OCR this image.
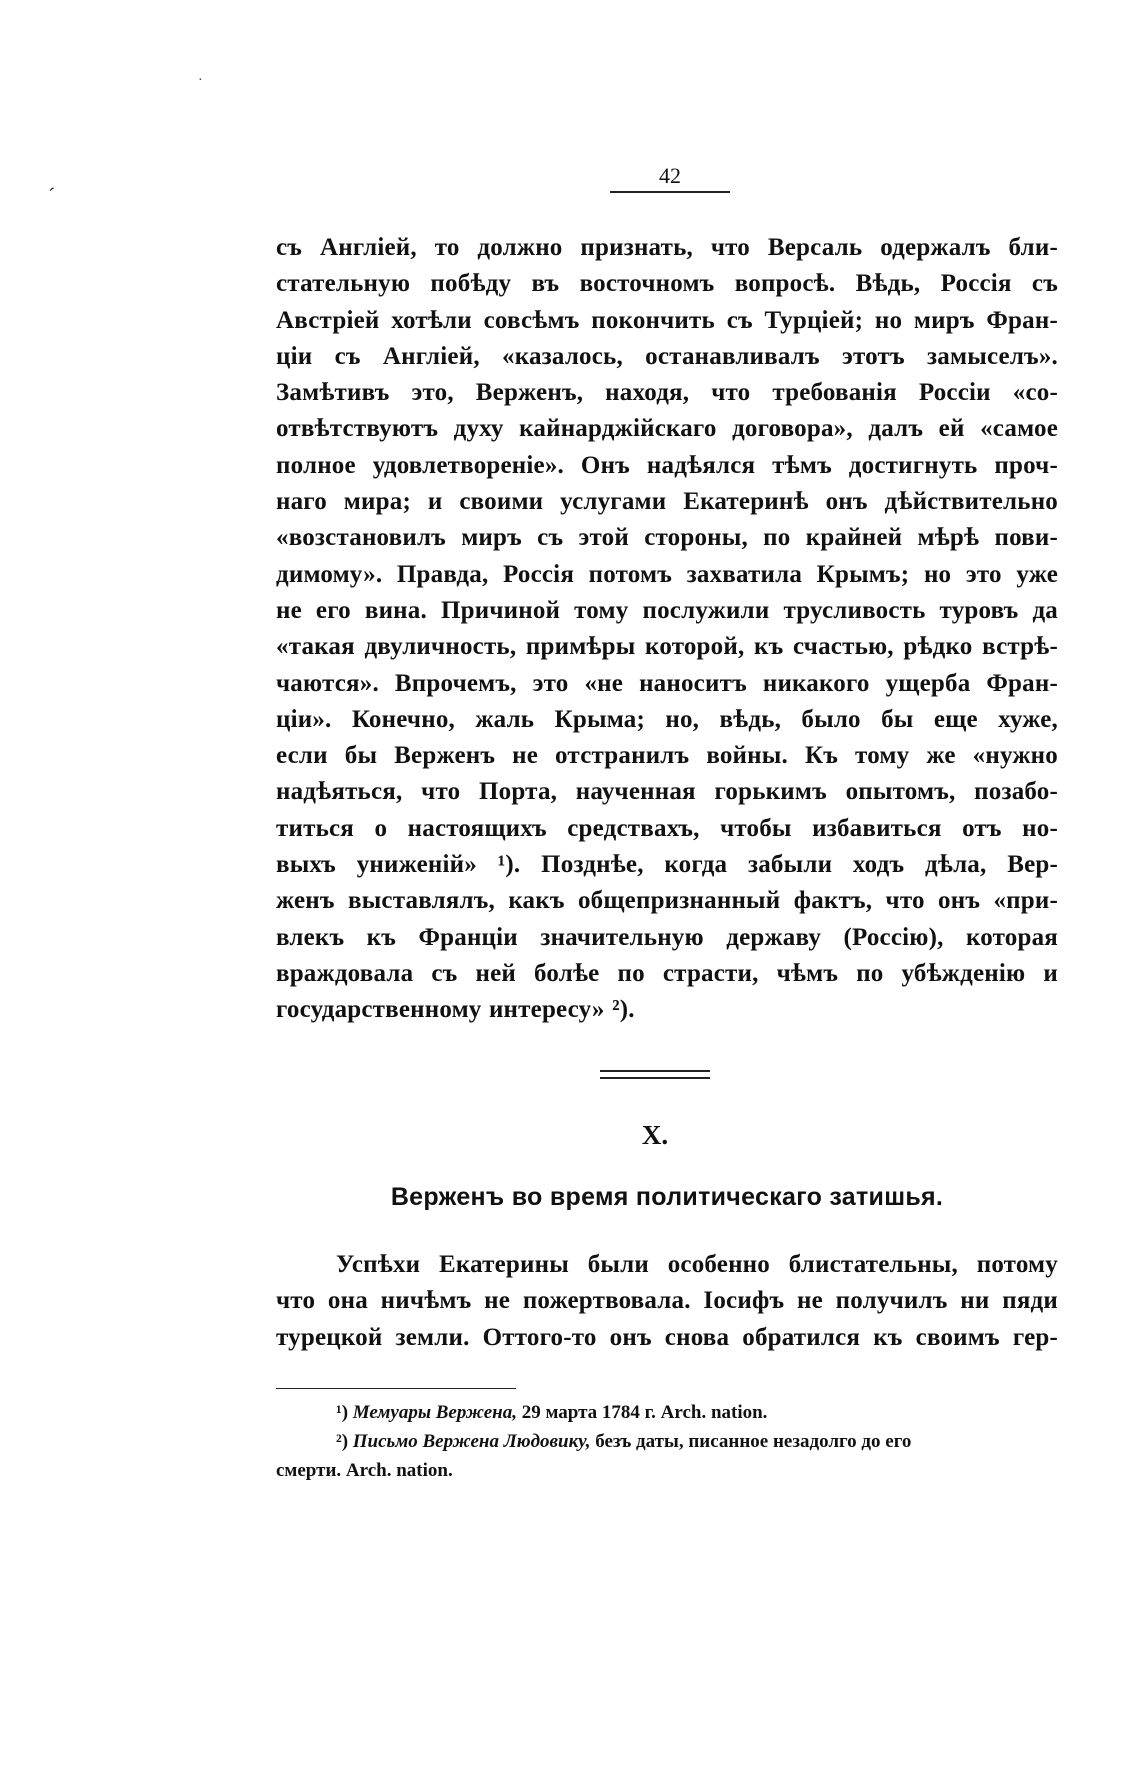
42
ˊ
·
съ Англіей, то должно признать, что Версаль одержалъ бли-
стательную побѣду въ восточномъ вопросѣ. Вѣдь, Россія съ
Австріей хотѣли совсѣмъ покончить съ Турціей; но миръ Фран-
ціи съ Англіей, «казалось, останавливалъ этотъ замыселъ».
Замѣтивъ это, Верженъ, находя, что требованія Россіи «со-
отвѣтствуютъ духу кайнарджійскаго договора», далъ ей «самое
полное удовлетвореніе». Онъ надѣялся тѣмъ достигнуть проч-
наго мира; и своими услугами Екатеринѣ онъ дѣйствительно
«возстановилъ миръ съ этой стороны, по крайней мѣрѣ пови-
димому». Правда, Россія потомъ захватила Крымъ; но это уже
не его вина. Причиной тому послужили трусливость туровъ да
«такая двуличность, примѣры которой, къ счастью, рѣдко встрѣ-
чаются». Впрочемъ, это «не наноситъ никакого ущерба Фран-
ціи». Конечно, жаль Крыма; но, вѣдь, было бы еще хуже,
если бы Верженъ не отстранилъ войны. Къ тому же «нужно
надѣяться, что Порта, наученная горькимъ опытомъ, позабо-
титься о настоящихъ средствахъ, чтобы избавиться отъ но-
выхъ униженій» ¹). Позднѣе, когда забыли ходъ дѣла, Вер-
женъ выставлялъ, какъ общепризнанный фактъ, что онъ «при-
влекъ къ Франціи значительную державу (Россію), которая
враждовала съ ней болѣе по страсти, чѣмъ по убѣжденію и
государственному интересу» ²).
X.
Верженъ во время политическаго затишья.
Успѣхи Екатерины были особенно блистательны, потому
что она ничѣмъ не пожертвовала. Іосифъ не получилъ ни пяди
турецкой земли. Оттого-то онъ снова обратился къ своимъ гер-
¹) Мемуары Вержена, 29 марта 1784 г. Arch. nation.
²) Письмо Вержена Людовику, безъ даты, писанное незадолго до его
смерти. Arch. nation.
